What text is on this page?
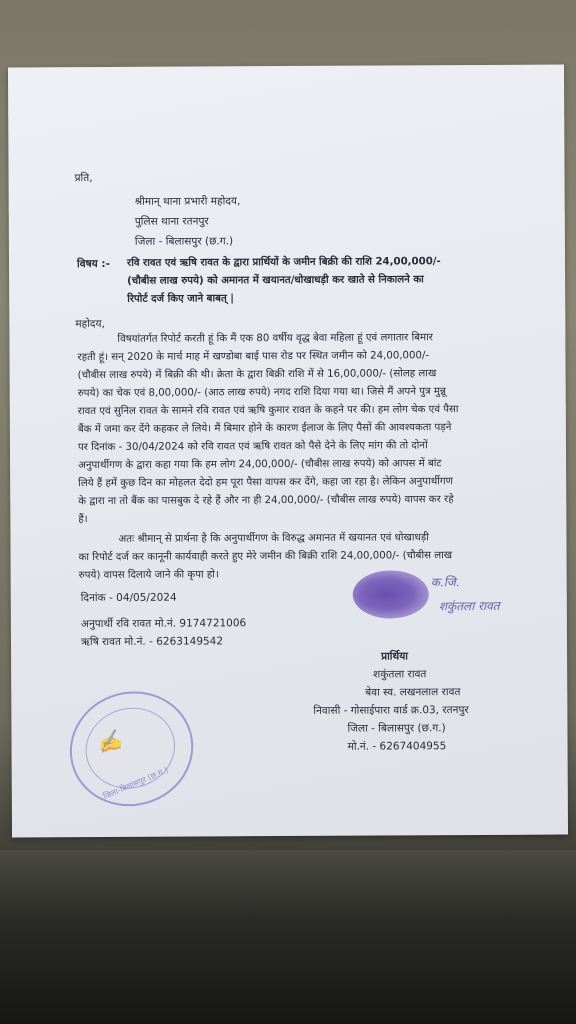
प्रति,
श्रीमान् थाना प्रभारी महोदय,
पुलिस थाना रतनपुर
जिला - बिलासपुर (छ.ग.)
विषय :- रवि रावत एवं ऋषि रावत के द्वारा प्रार्थियों के जमीन बिक्री की राशि 24,00,000/-
(चौबीस लाख रुपये) को अमानत में खयानत/धोखाधड़ी कर खाते से निकालने का
रिपोर्ट दर्ज किए जाने बाबत् |
महोदय,
विषयांतर्गत रिपोर्ट करती हूं कि मैं एक 80 वर्षीय वृद्ध बेवा महिला हूं एवं लगातार बिमार
रहती हूं। सन् 2020 के मार्च माह में खण्डोबा बाई पास रोड पर स्थित जमीन को 24,00,000/-
(चौबीस लाख रुपये) में बिक्री की थी। क्रेता के द्वारा बिक्री राशि में से 16,00,000/- (सोलह लाख
रुपये) का चेक एवं 8,00,000/- (आठ लाख रुपये) नगद राशि दिया गया था। जिसे मैं अपने पुत्र मुन्नू
रावत एवं सुनिल रावत के सामने रवि रावत एवं ऋषि कुमार रावत के कहने पर की। हम लोग चेक एवं पैसा
बैंक में जमा कर देंगे कहकर ले लिये। मैं बिमार होने के कारण ईलाज के लिए पैसों की आवश्यकता पड़ने
पर दिनांक - 30/04/2024 को रवि रावत एवं ऋषि रावत को पैसे देने के लिए मांग की तो दोनों
अनुपार्थीगण के द्वारा कहा गया कि हम लोग 24,00,000/- (चौबीस लाख रुपये) को आपस में बांट
लिये हैं हमें कुछ दिन का मोहलत देदो हम पूरा पैसा वापस कर देंगे, कहा जा रहा है। लेकिन अनुपार्थीगण
के द्वारा ना तो बैंक का पासबुक दे रहे हैं और ना ही 24,00,000/- (चौबीस लाख रुपये) वापस कर रहे
हैं।
अतः श्रीमान् से प्रार्थना है कि अनुपार्थीगण के विरुद्ध अमानत में खयानत एवं धोखाधड़ी
का रिपोर्ट दर्ज कर कानूनी कार्यवाही करते हुए मेरे जमीन की बिक्री राशि 24,00,000/- (चौबीस लाख
रुपये) वापस दिलाये जाने की कृपा हो।
दिनांक - 04/05/2024
अनुपार्थी रवि रावत मो.नं. 9174721006
ऋषि रावत मो.नं. - 6263149542
क.जि.
शकुंतला रावत
प्रार्थिया
शकुंतला रावत
बेवा स्व. लखनलाल रावत
निवासी - गोसाईपारा वार्ड क्र.03, रतनपुर
जिला - बिलासपुर (छ.ग.)
मो.नं. - 6267404955
✍
जिला-बिलासपुर (छ.ग.)
